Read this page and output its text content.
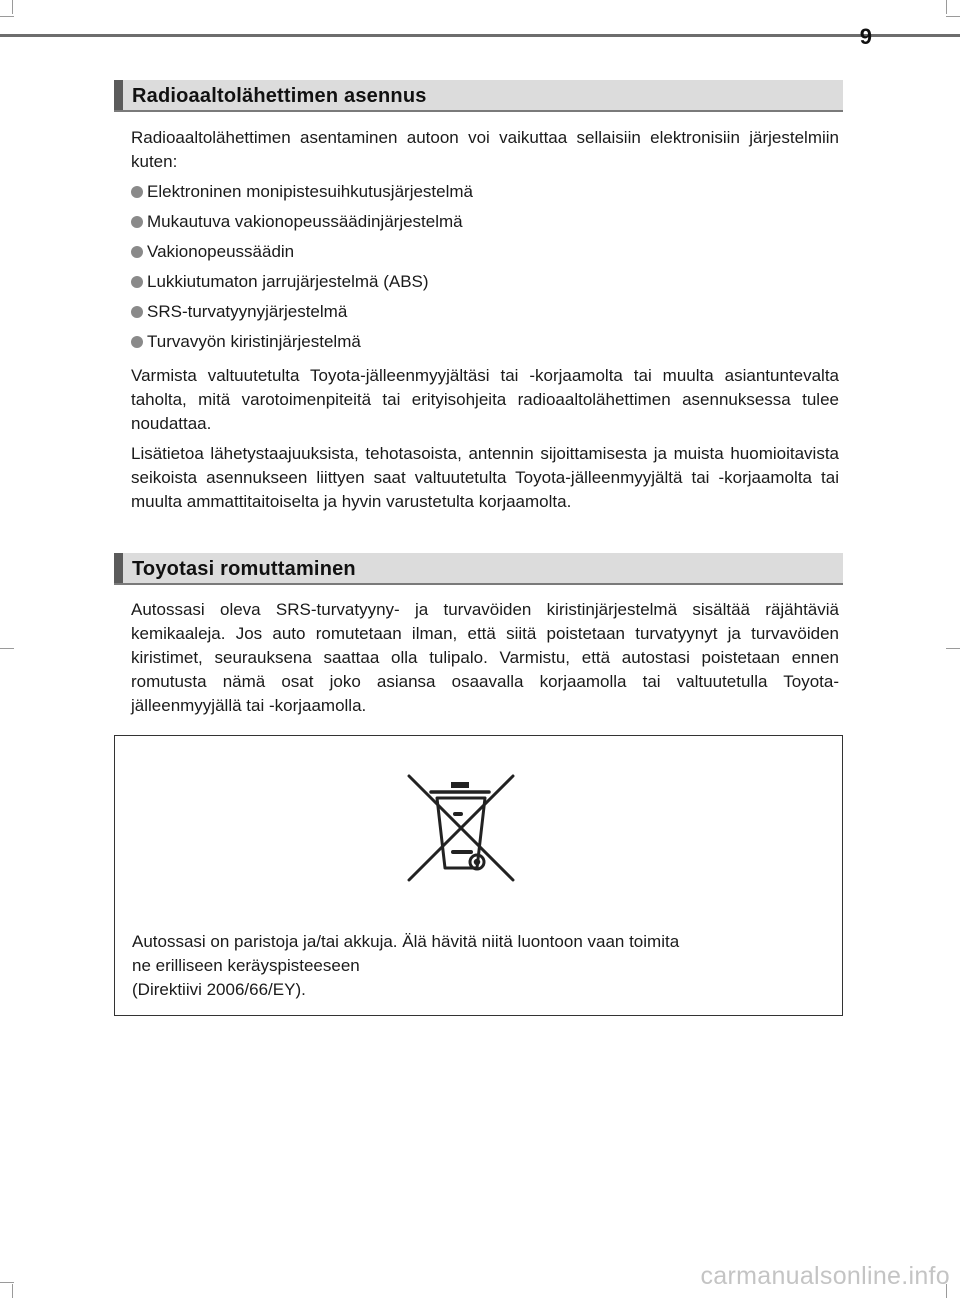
9
Radioaaltolähettimen asennus

Radioaaltolähettimen asentaminen autoon voi vaikuttaa sellaisiin elektronisiin järjestelmiin kuten:

Elektroninen monipistesuihkutusjärjestelmä
Mukautuva vakionopeussäädinjärjestelmä
Vakionopeussäädin
Lukkiutumaton jarrujärjestelmä (ABS)
SRS-turvatyynyjärjestelmä
Turvavyön kiristinjärjestelmä

Varmista valtuutetulta Toyota-jälleenmyyjältäsi tai -korjaamolta tai muulta asiantuntevalta taholta, mitä varotoimenpiteitä tai erityisohjeita radioaaltolähettimen asennuksessa tulee noudattaa.

Lisätietoa lähetystaajuuksista, tehotasoista, antennin sijoittamisesta ja muista huomioitavista seikoista asennukseen liittyen saat valtuutetulta Toyota-jälleenmyyjältä tai -korjaamolta tai muulta ammattitaitoiselta ja hyvin varustetulta korjaamolta.

Toyotasi romuttaminen

Autossasi oleva SRS-turvatyyny- ja turvavöiden kiristinjärjestelmä sisältää räjähtäviä kemikaaleja. Jos auto romutetaan ilman, että siitä poistetaan turvatyynyt ja turvavöiden kiristimet, seurauksena saattaa olla tulipalo. Varmistu, että autostasi poistetaan ennen romutusta nämä osat joko asiansa osaavalla korjaamolla tai valtuutetulla Toyota-jälleenmyyjällä tai -korjaamolla.

Autossasi on paristoja ja/tai akkuja. Älä hävitä niitä luontoon vaan toimita
ne erilliseen keräyspisteeseen
(Direktiivi 2006/66/EY).
carmanualsonline.info
